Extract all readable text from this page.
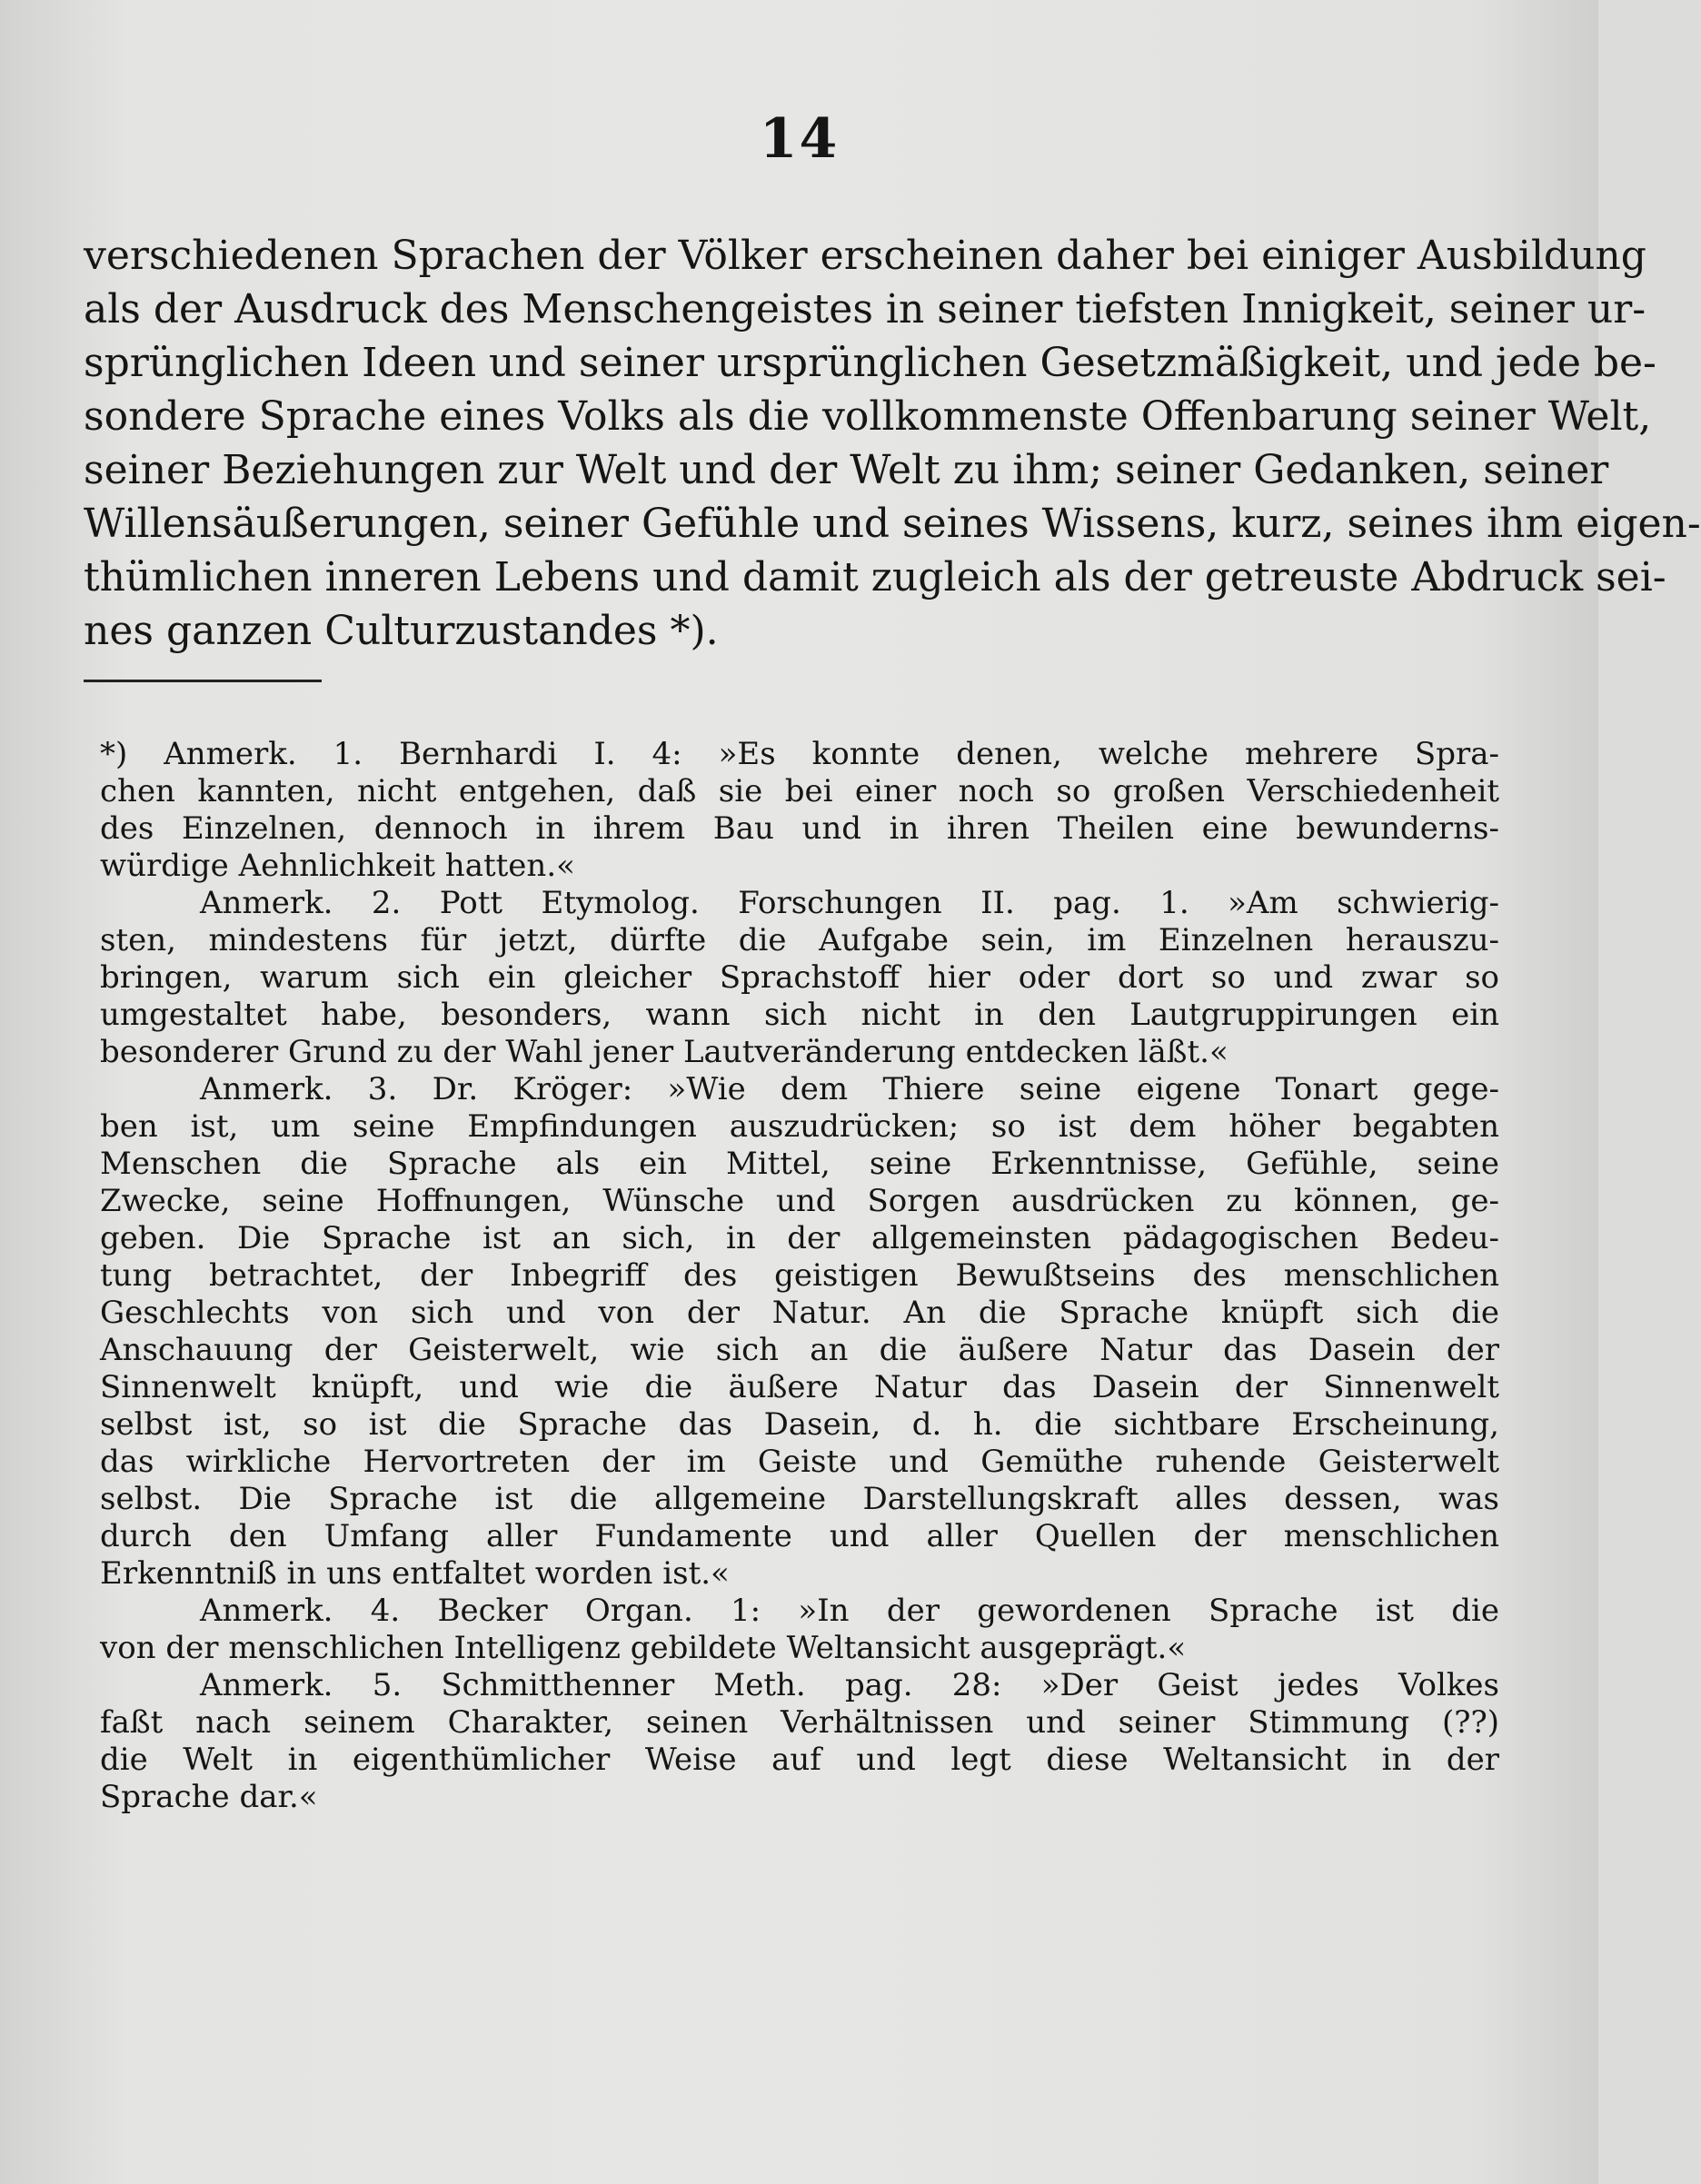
14
verschiedenen Sprachen der Völker erscheinen daher bei einiger Ausbildung
als der Ausdruck des Menschengeistes in seiner tiefsten Innigkeit, seiner ur-
sprünglichen Ideen und seiner ursprünglichen Gesetzmäßigkeit, und jede be-
sondere Sprache eines Volks als die vollkommenste Offenbarung seiner Welt,
seiner Beziehungen zur Welt und der Welt zu ihm; seiner Gedanken, seiner
Willensäußerungen, seiner Gefühle und seines Wissens, kurz, seines ihm eigen-
thümlichen inneren Lebens und damit zugleich als der getreuste Abdruck sei-
nes ganzen Culturzustandes *).
*) Anmerk. 1. Bernhardi I. 4: »Es konnte denen, welche mehrere Spra-
chen kannten, nicht entgehen, daß sie bei einer noch so großen Verschiedenheit
des Einzelnen, dennoch in ihrem Bau und in ihren Theilen eine bewunderns-
würdige Aehnlichkeit hatten.«
Anmerk. 2. Pott Etymolog. Forschungen II. pag. 1. »Am schwierig-
sten, mindestens für jetzt, dürfte die Aufgabe sein, im Einzelnen herauszu-
bringen, warum sich ein gleicher Sprachstoff hier oder dort so und zwar so
umgestaltet habe, besonders, wann sich nicht in den Lautgruppirungen ein
besonderer Grund zu der Wahl jener Lautveränderung entdecken läßt.«
Anmerk. 3. Dr. Kröger: »Wie dem Thiere seine eigene Tonart gege-
ben ist, um seine Empfindungen auszudrücken; so ist dem höher begabten
Menschen die Sprache als ein Mittel, seine Erkenntnisse, Gefühle, seine
Zwecke, seine Hoffnungen, Wünsche und Sorgen ausdrücken zu können, ge-
geben. Die Sprache ist an sich, in der allgemeinsten pädagogischen Bedeu-
tung betrachtet, der Inbegriff des geistigen Bewußtseins des menschlichen
Geschlechts von sich und von der Natur. An die Sprache knüpft sich die
Anschauung der Geisterwelt, wie sich an die äußere Natur das Dasein der
Sinnenwelt knüpft, und wie die äußere Natur das Dasein der Sinnenwelt
selbst ist, so ist die Sprache das Dasein, d. h. die sichtbare Erscheinung,
das wirkliche Hervortreten der im Geiste und Gemüthe ruhende Geisterwelt
selbst. Die Sprache ist die allgemeine Darstellungskraft alles dessen, was
durch den Umfang aller Fundamente und aller Quellen der menschlichen
Erkenntniß in uns entfaltet worden ist.«
Anmerk. 4. Becker Organ. 1: »In der gewordenen Sprache ist die
von der menschlichen Intelligenz gebildete Weltansicht ausgeprägt.«
Anmerk. 5. Schmitthenner Meth. pag. 28: »Der Geist jedes Volkes
faßt nach seinem Charakter, seinen Verhältnissen und seiner Stimmung (??)
die Welt in eigenthümlicher Weise auf und legt diese Weltansicht in der
Sprache dar.«
